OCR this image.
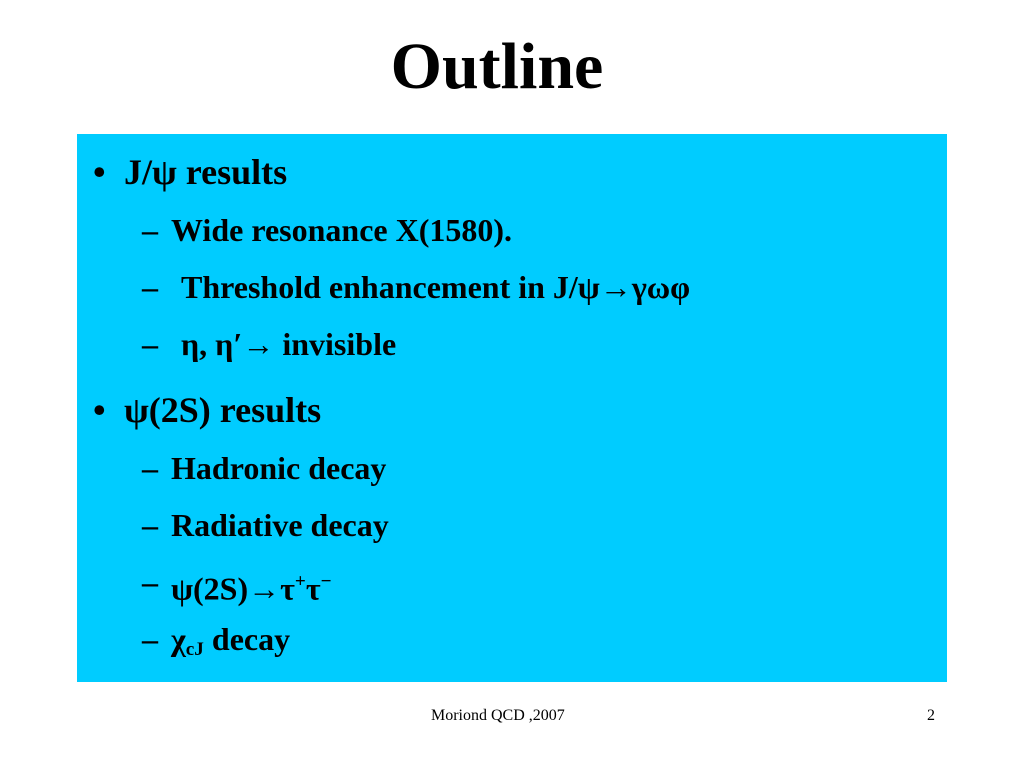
Outline
• J/ψ results
– Wide resonance X(1580).
– Threshold enhancement in J/ψ→γωφ
– η, η′→ invisible
• ψ(2S) results
– Hadronic decay
– Radiative decay
– ψ(2S)→τ+τ−
– $\chi_{cJ}$ decay
Moriond QCD ,2007	2
